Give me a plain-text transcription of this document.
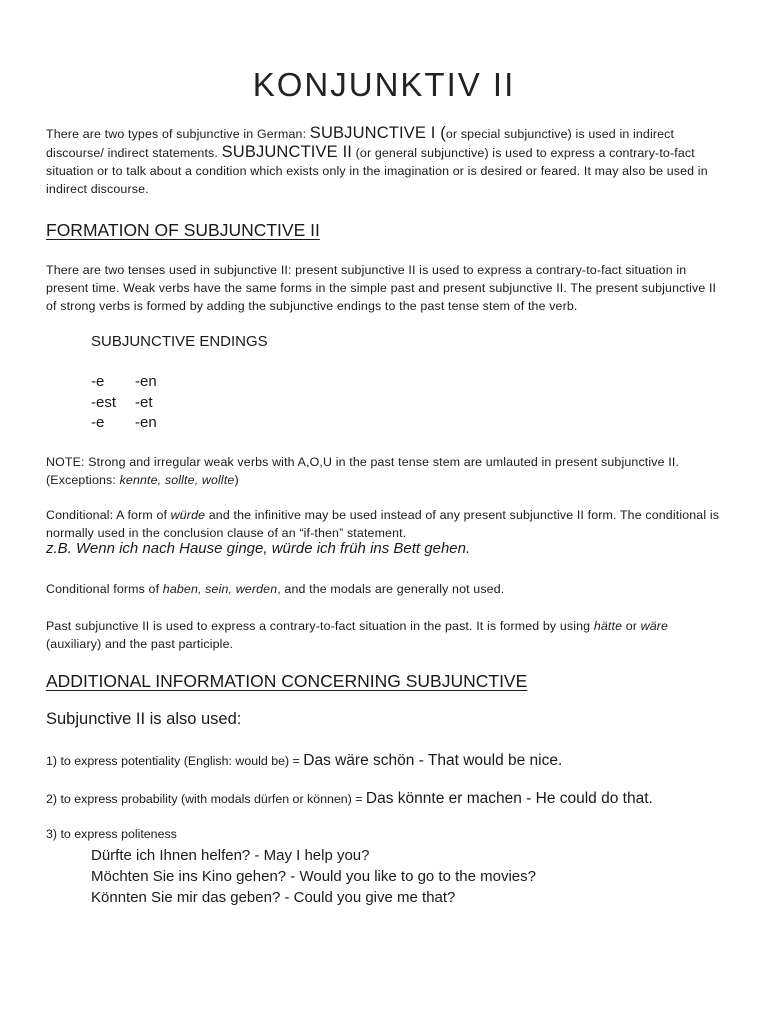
KONJUNKTIV II

There are two types of subjunctive in German: SUBJUNCTIVE I (or special subjunctive) is used in indirect discourse/ indirect statements. SUBJUNCTIVE II (or general subjunctive) is used to express a contrary-to-fact situation or to talk about a condition which exists only in the imagination or is desired or feared. It may also be used in indirect discourse.

FORMATION OF SUBJUNCTIVE II

There are two tenses used in subjunctive II: present subjunctive II is used to express a contrary-to-fact situation in present time. Weak verbs have the same forms in the simple past and present subjunctive II. The present subjunctive II of strong verbs is formed by adding the subjunctive endings to the past tense stem of the verb.

SUBJUNCTIVE ENDINGS

-e	-en
-est	-et
-e	-en

NOTE: Strong and irregular weak verbs with A,O,U in the past tense stem are umlauted in present subjunctive II.
(Exceptions: kennte, sollte, wollte)

Conditional: A form of würde and the infinitive may be used instead of any present subjunctive II form. The conditional is normally used in the conclusion clause of an “if-then” statement.

z.B. Wenn ich nach Hause ginge, würde ich früh ins Bett gehen.

Conditional forms of haben, sein, werden, and the modals are generally not used.

Past subjunctive II is used to express a contrary-to-fact situation in the past. It is formed by using hätte or wäre (auxiliary) and the past participle.

ADDITIONAL INFORMATION CONCERNING SUBJUNCTIVE

Subjunctive II is also used:

1) to express potentiality (English: would be) = Das wäre schön - That would be nice.

2) to express probability (with modals dürfen or können) = Das könnte er machen - He could do that.

3) to express politeness

Dürfte ich Ihnen helfen? - May I help you?
Möchten Sie ins Kino gehen? - Would you like to go to the movies?
Könnten Sie mir das geben? - Could you give me that?
